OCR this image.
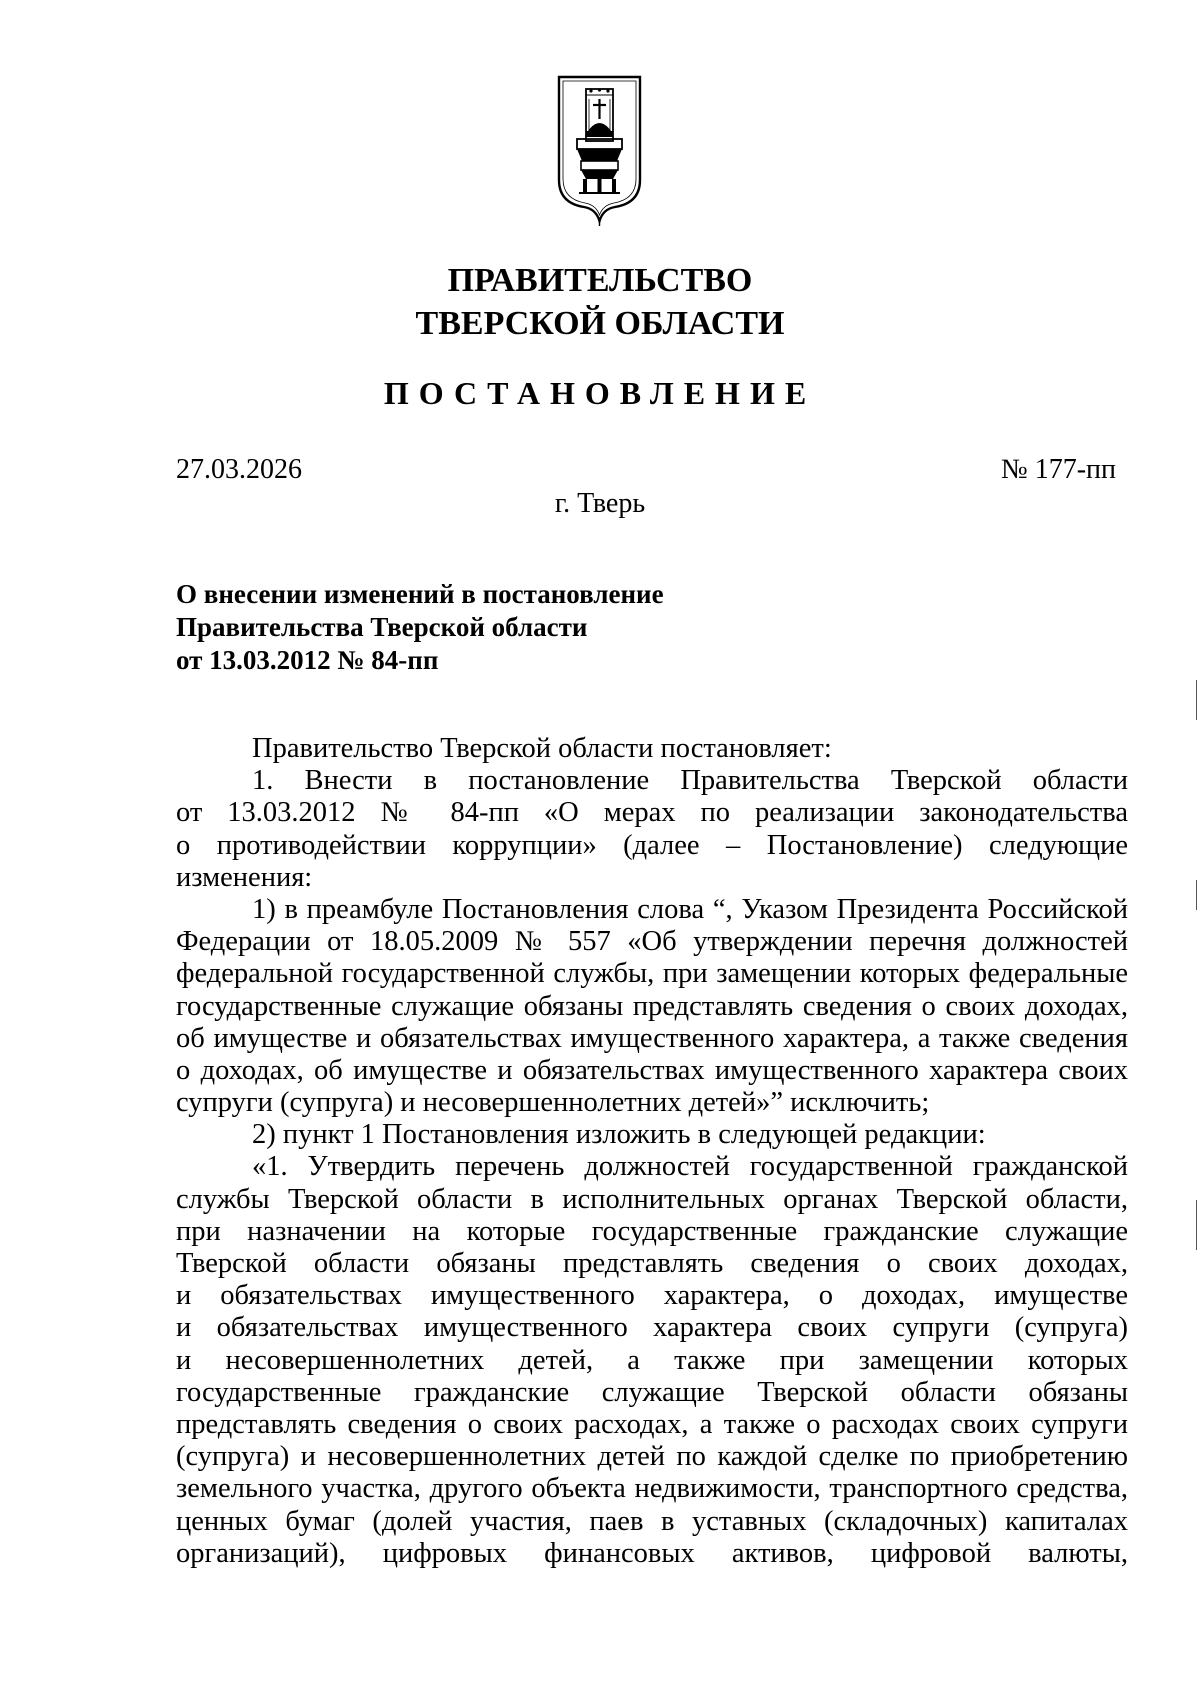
ПРАВИТЕЛЬСТВО
ТВЕРСКОЙ ОБЛАСТИ
ПОСТАНОВЛЕНИЕ
27.03.2026	№ 177-пп
г. Тверь
О внесении изменений в постановление
Правительства Тверской области
от 13.03.2012 № 84-пп
Правительство Тверской области постановляет:
1. Внести в постановление Правительства Тверской области
от 13.03.2012 № 84-пп «О мерах по реализации законодательства
о противодействии коррупции» (далее – Постановление) следующие
изменения:
1) в преамбуле Постановления слова “, Указом Президента Российской
Федерации от 18.05.2009 № 557 «Об утверждении перечня должностей
федеральной государственной службы, при замещении которых федеральные
государственные служащие обязаны представлять сведения о своих доходах,
об имуществе и обязательствах имущественного характера, а также сведения
о доходах, об имуществе и обязательствах имущественного характера своих
супруги (супруга) и несовершеннолетних детей»” исключить;
2) пункт 1 Постановления изложить в следующей редакции:
«1. Утвердить перечень должностей государственной гражданской
службы Тверской области в исполнительных органах Тверской области,
при назначении на которые государственные гражданские служащие
Тверской области обязаны представлять сведения о своих доходах,
и обязательствах имущественного характера, о доходах, имуществе
и обязательствах имущественного характера своих супруги (супруга)
и несовершеннолетних детей, а также при замещении которых
государственные гражданские служащие Тверской области обязаны
представлять сведения о своих расходах, а также о расходах своих супруги
(супруга) и несовершеннолетних детей по каждой сделке по приобретению
земельного участка, другого объекта недвижимости, транспортного средства,
ценных бумаг (долей участия, паев в уставных (складочных) капиталах
организаций), цифровых финансовых активов, цифровой валюты,
